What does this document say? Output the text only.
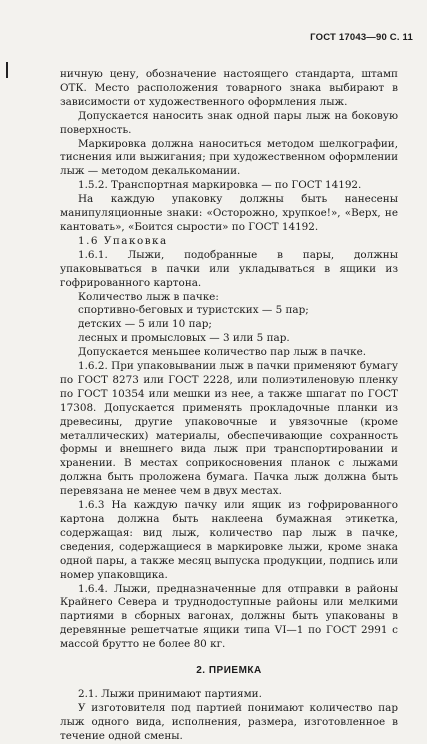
ГОСТ 17043—90 С. 11

ничную цену, обозначение настоящего стандарта, штамп ОТК. Место расположения товарного знака выбирают в зависимости от художественного оформления лыж.

Допускается наносить знак одной пары лыж на боковую поверхность.

Маркировка должна наноситься методом шелкографии, тиснения или выжигания; при художественном оформлении лыж — методом декалькомании.

1.5.2. Транспортная маркировка — по ГОСТ 14192.

На каждую упаковку должны быть нанесены манипуляционные знаки: «Осторожно, хрупкое!», «Верх, не кантовать», «Боится сырости» по ГОСТ 14192.

1.6 Упаковка

1.6.1. Лыжи, подобранные в пары, должны упаковываться в пачки или укладываться в ящики из гофрированного картона.

Количество лыж в пачке:

спортивно-беговых и туристских — 5 пар;

детских — 5 или 10 пар;

лесных и промысловых — 3 или 5 пар.

Допускается меньшее количество пар лыж в пачке.

1.6.2. При упаковывании лыж в пачки применяют бумагу по ГОСТ 8273 или ГОСТ 2228, или полиэтиленовую пленку по ГОСТ 10354 или мешки из нее, а также шпагат по ГОСТ 17308. Допускается применять прокладочные планки из древесины, другие упаковочные и увязочные (кроме металлических) материалы, обеспечивающие сохранность формы и внешнего вида лыж при транспортировании и хранении. В местах соприкосновения планок с лыжами должна быть проложена бумага. Пачка лыж должна быть перевязана не менее чем в двух местах.

1.6.3 На каждую пачку или ящик из гофрированного картона должна быть наклеена бумажная этикетка, содержащая: вид лыж, количество пар лыж в пачке, сведения, содержащиеся в маркировке лыжи, кроме знака одной пары, а также месяц выпуска продукции, подпись или номер упаковщика.

1.6.4. Лыжи, предназначенные для отправки в районы Крайнего Севера и труднодоступные районы или мелкими партиями в сборных вагонах, должны быть упакованы в деревянные решетчатые ящики типа VI—1 по ГОСТ 2991 с массой брутто не более 80 кг.

2. ПРИЕМКА

2.1. Лыжи принимают партиями.

У изготовителя под партией понимают количество пар лыж одного вида, исполнения, размера, изготовленное в течение одной смены.
